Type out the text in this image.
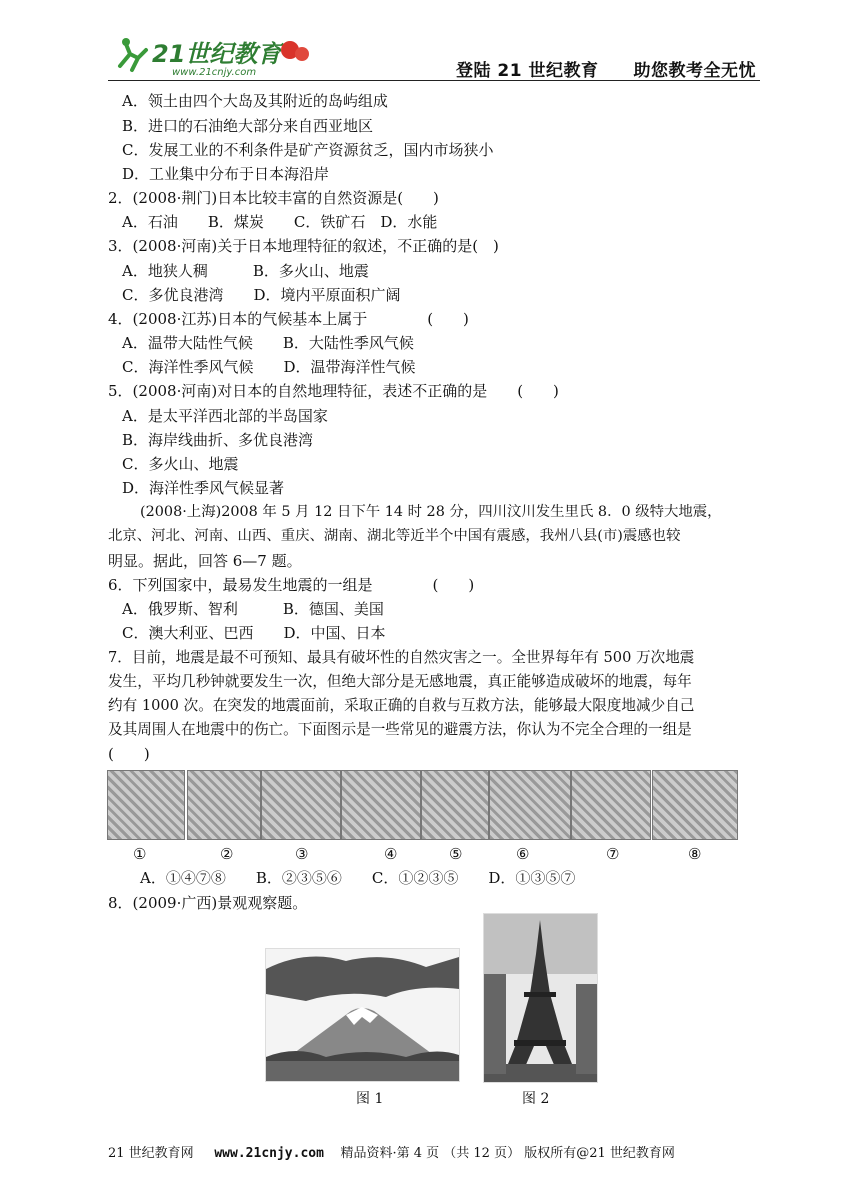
21世纪教育
www.21cnjy.com	登陆 21 世纪教育　　助您教考全无忧
A．领土由四个大岛及其附近的岛屿组成
B．进口的石油绝大部分来自西亚地区
C．发展工业的不利条件是矿产资源贫乏，国内市场狭小
D．工业集中分布于日本海沿岸
2．(2008·荆门)日本比较丰富的自然资源是(　　)
A．石油　　B．煤炭　　C．铁矿石　D．水能
3．(2008·河南)关于日本地理特征的叙述，不正确的是(　)
A．地狭人稠　　　B．多火山、地震
C．多优良港湾　　D．境内平原面积广阔
4．(2008·江苏)日本的气候基本上属于　　　　(　　)
A．温带大陆性气候　　B．大陆性季风气候
C．海洋性季风气候　　D．温带海洋性气候
5．(2008·河南)对日本的自然地理特征，表述不正确的是　　(　　)
A．是太平洋西北部的半岛国家
B．海岸线曲折、多优良港湾
C．多火山、地震
D．海洋性季风气候显著
(2008·上海)2008 年 5 月 12 日下午 14 时 28 分，四川汶川发生里氏 8．0 级特大地震，
北京、河北、河南、山西、重庆、湖南、湖北等近半个中国有震感，我州八县(市)震感也较
明显。据此，回答 6—7 题。
6．下列国家中，最易发生地震的一组是　　　　(　　)
A．俄罗斯、智利　　　B．德国、美国
C．澳大利亚、巴西　　D．中国、日本
7．目前，地震是最不可预知、最具有破坏性的自然灾害之一。全世界每年有 500 万次地震
发生，平均几秒钟就要发生一次，但绝大部分是无感地震，真正能够造成破坏的地震，每年
约有 1000 次。在突发的地震面前，采取正确的自救与互救方法，能够最大限度地减少自己
及其周围人在地震中的伤亡。下面图示是一些常见的避震方法，你认为不完全合理的一组是
(　　)
①	②	③	④	⑤	⑥	⑦	⑧
A．①④⑦⑧　　B．②③⑤⑥　　C．①②③⑤　　D．①③⑤⑦
8．(2009·广西)景观观察题。
图 1	图 2
21 世纪教育网 www.21cnjy.com 精品资料·第 4 页 （共 12 页） 版权所有@21 世纪教育网
